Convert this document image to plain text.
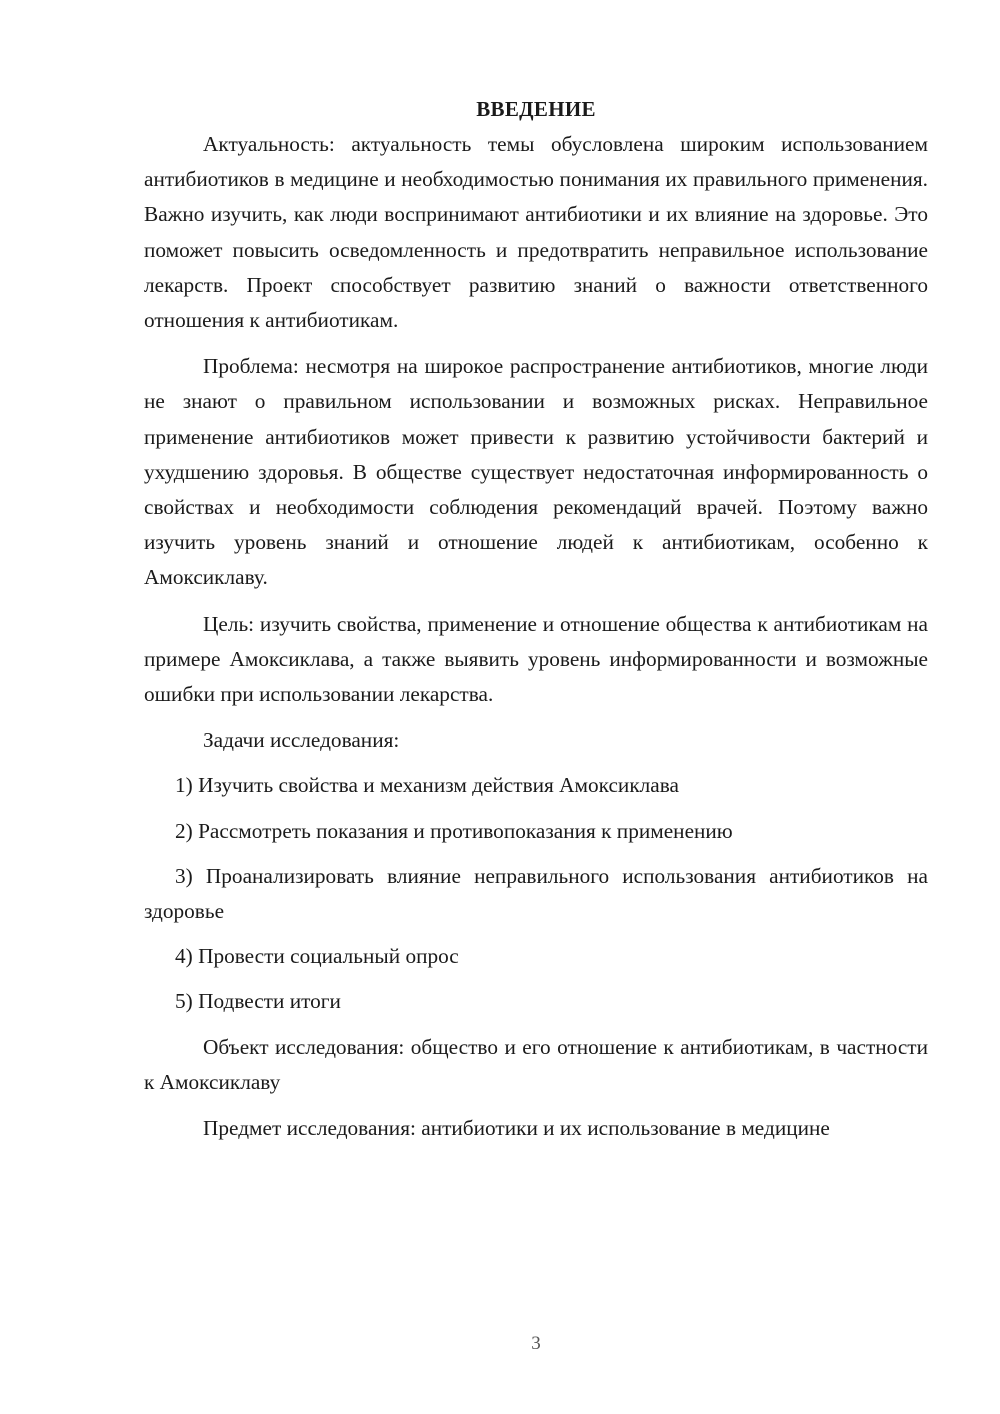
ВВЕДЕНИЕ

Актуальность: актуальность темы обусловлена широким использованием антибиотиков в медицине и необходимостью понимания их правильного применения. Важно изучить, как люди воспринимают антибиотики и их влияние на здоровье. Это поможет повысить осведомленность и предотвратить неправильное использование лекарств. Проект способствует развитию знаний о важности ответственного отношения к антибиотикам.

Проблема: несмотря на широкое распространение антибиотиков, многие люди не знают о правильном использовании и возможных рисках. Неправильное применение антибиотиков может привести к развитию устойчивости бактерий и ухудшению здоровья. В обществе существует недостаточная информированность о свойствах и необходимости соблюдения рекомендаций врачей. Поэтому важно изучить уровень знаний и отношение людей к антибиотикам, особенно к Амоксиклаву.

Цель: изучить свойства, применение и отношение общества к антибиотикам на примере Амоксиклава, а также выявить уровень информированности и возможные ошибки при использовании лекарства.

Задачи исследования:

1) Изучить свойства и механизм действия Амоксиклава

2) Рассмотреть показания и противопоказания к применению

3) Проанализировать влияние неправильного использования антибиотиков на здоровье

4) Провести социальный опрос

5) Подвести итоги

Объект исследования: общество и его отношение к антибиотикам, в частности к Амоксиклаву

Предмет исследования: антибиотики и их использование в медицине

3
